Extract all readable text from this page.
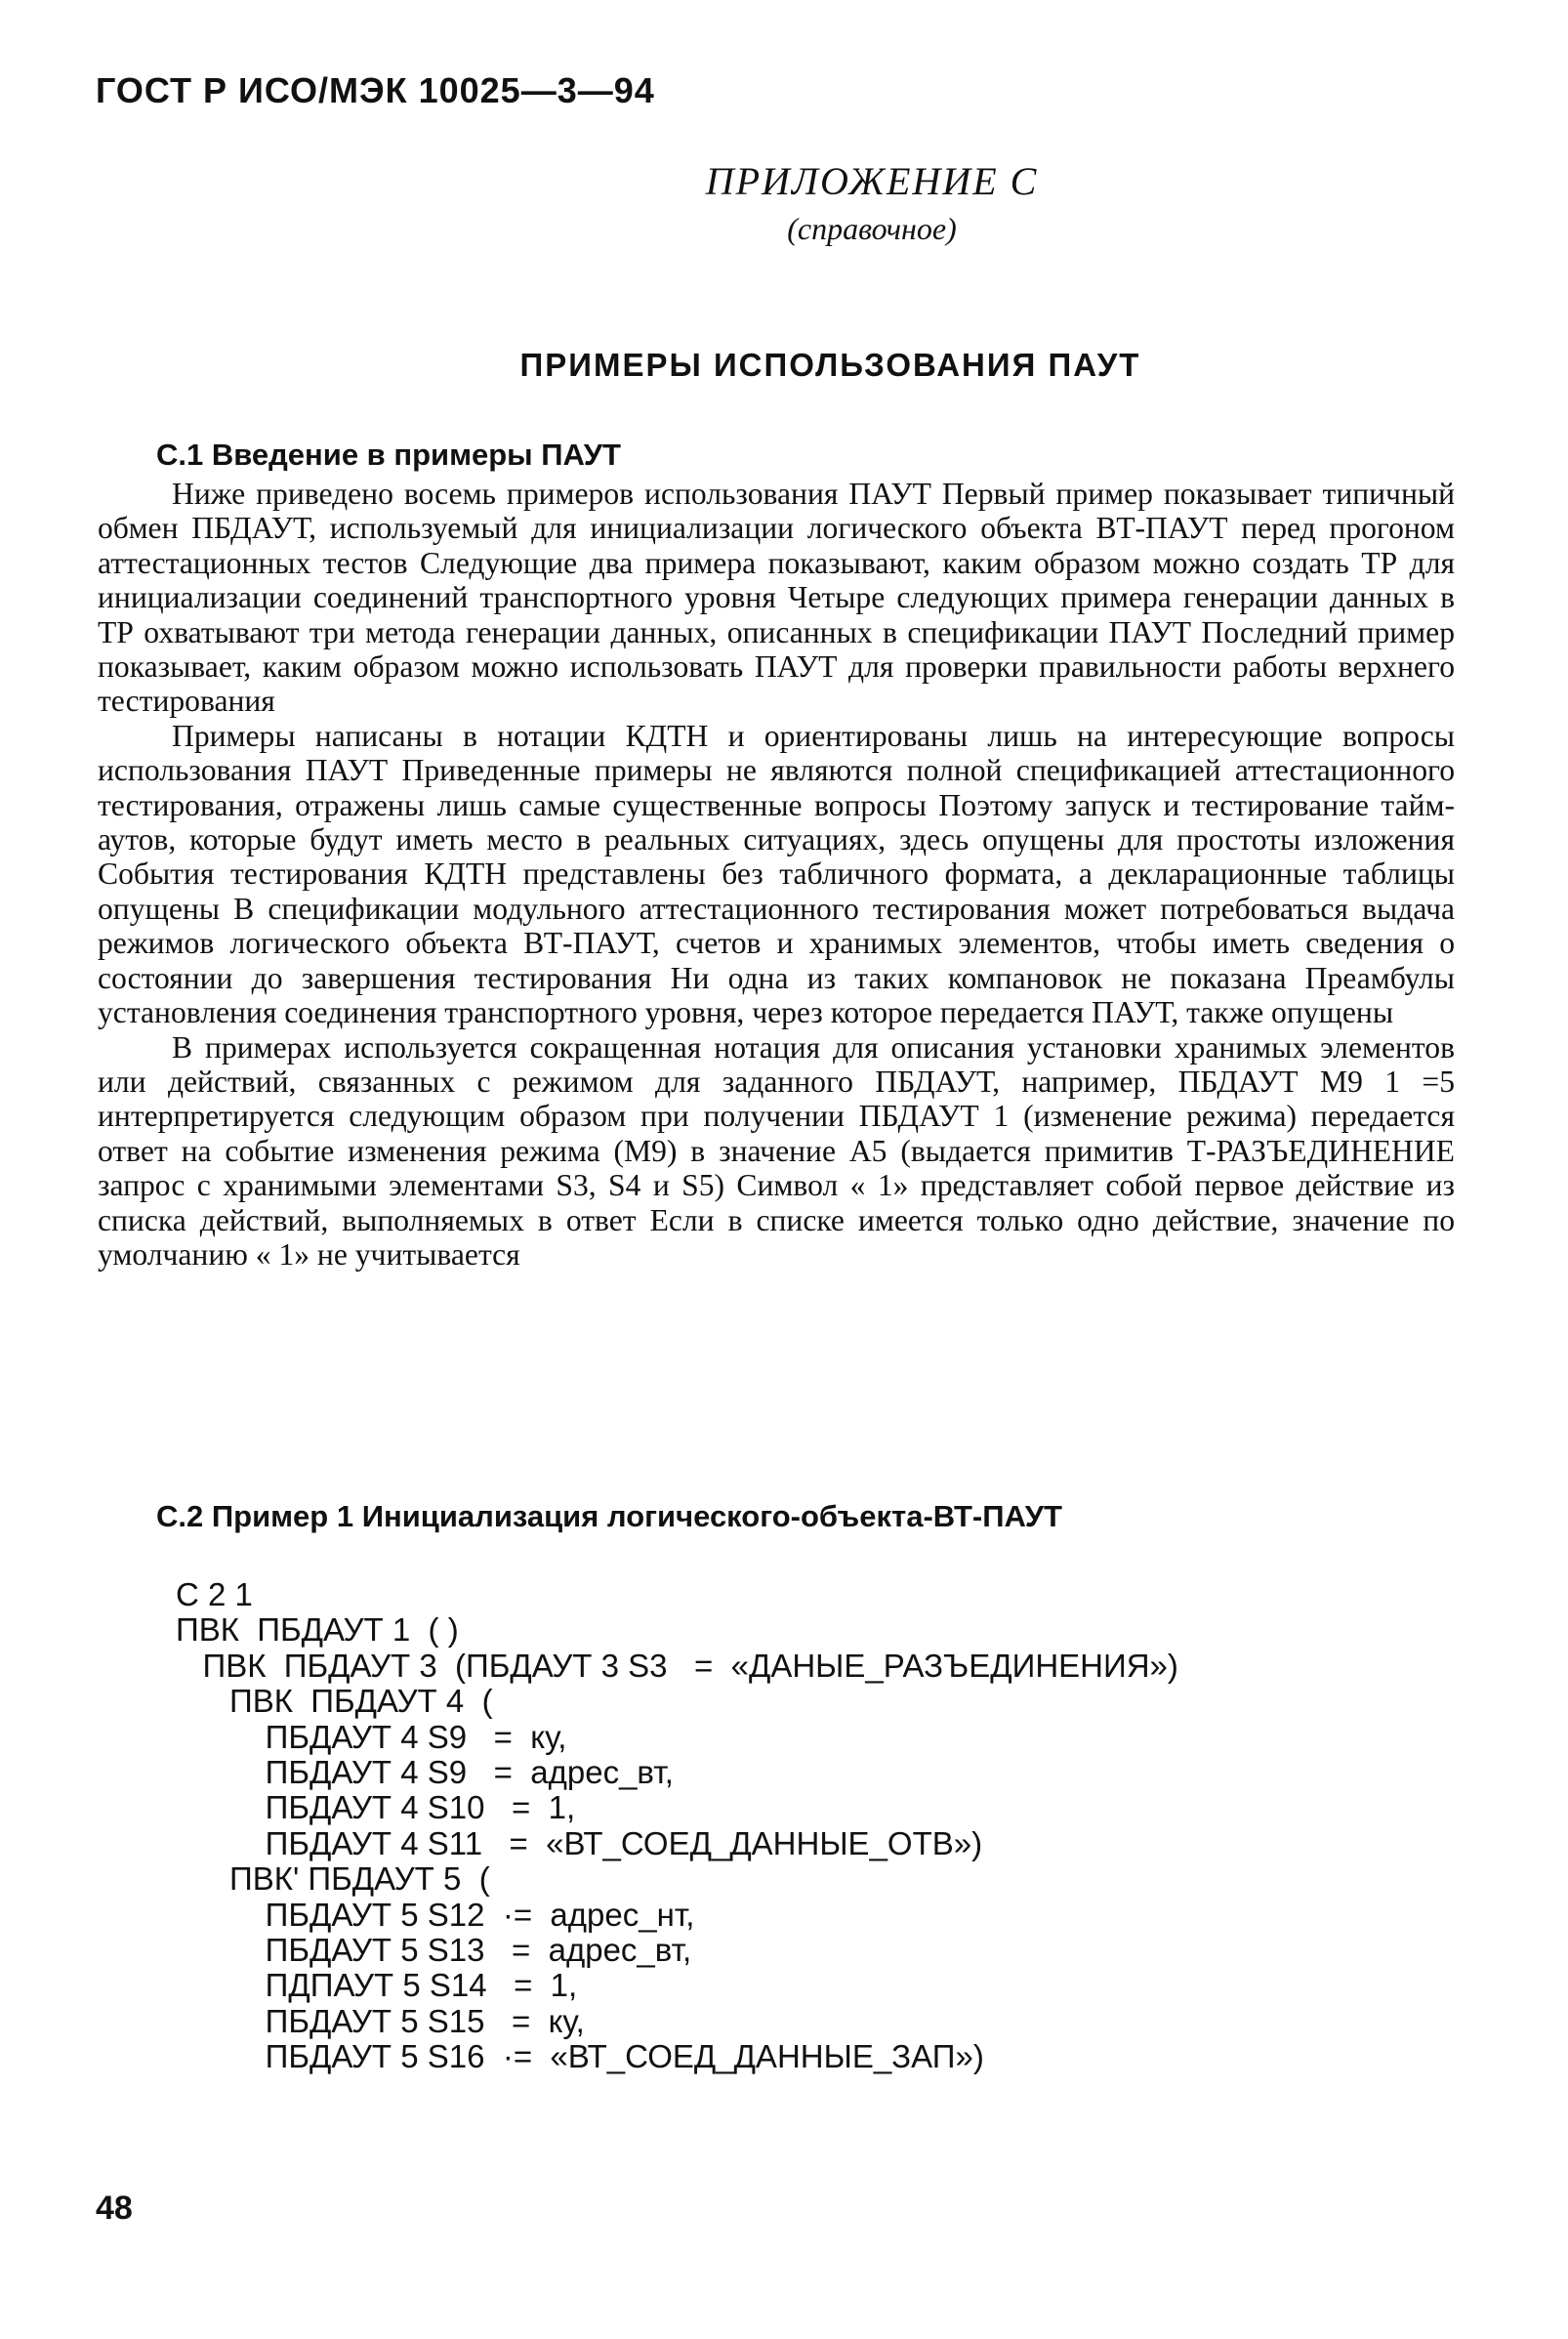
ГОСТ Р ИСО/МЭК 10025—3—94
ПРИЛОЖЕНИЕ С
(справочное)
ПРИМЕРЫ ИСПОЛЬЗОВАНИЯ ПАУТ
С.1 Введение в примеры ПАУТ

Ниже приведено восемь примеров использования ПАУТ Первый пример показывает типичный обмен ПБДАУТ, используемый для инициализации логического объекта ВТ-ПАУТ перед прогоном аттестационных тестов Следующие два примера показывают, каким образом можно создать ТР для инициализации соединений транспортного уровня Четыре следующих примера генерации данных в ТР охватывают три метода генерации данных, описанных в спецификации ПАУТ Последний пример показывает, каким образом можно использовать ПАУТ для проверки правильности работы верхнего тестирования

Примеры написаны в нотации КДТН и ориентированы лишь на интересующие вопросы использования ПАУТ Приведенные примеры не являются полной спецификацией аттестационного тестирования, отражены лишь самые существенные вопросы Поэтому запуск и тестирование тайм-аутов, которые будут иметь место в реальных ситуациях, здесь опущены для простоты изложения События тестирования КДТН представлены без табличного формата, а декларационные таблицы опущены В спецификации модульного аттестационного тестирования может потребоваться выдача режимов логического объекта ВТ-ПАУТ, счетов и хранимых элементов, чтобы иметь сведения о состоянии до завершения тестирования Ни одна из таких компановок не показана Преамбулы установления соединения транспортного уровня, через которое передается ПАУТ, также опущены

В примерах используется сокращенная нотация для описания установки хранимых элементов или действий, связанных с режимом для заданного ПБДАУТ, например, ПБДАУТ М9 1 =5 интерпретируется следующим образом при получении ПБДАУТ 1 (изменение режима) передается ответ на событие изменения режима (М9) в значение А5 (выдается примитив Т-РАЗЪЕДИНЕНИЕ запрос с хранимыми элементами S3, S4 и S5) Символ « 1» представляет собой первое действие из списка действий, выполняемых в ответ Если в списке имеется только одно действие, значение по умолчанию « 1» не учитывается

С.2 Пример 1 Инициализация логического-объекта-ВТ-ПАУТ
С 2 1
ПВК  ПБДАУТ 1  ( )
ПВК  ПБДАУТ 3  (ПБДАУТ 3 S3   =  «ДАНЫЕ_РАЗЪЕДИНЕНИЯ»)
ПВК  ПБДАУТ 4  (
ПБДАУТ 4 S9   =  ку,
ПБДАУТ 4 S9   =  адрес_вт,
ПБДАУТ 4 S10   =  1,
ПБДАУТ 4 S11   =  «ВТ_СОЕД_ДАННЫЕ_ОТВ»)
ПВК' ПБДАУТ 5  (
ПБДАУТ 5 S12  ·=  адрес_нт,
ПБДАУТ 5 S13   =  адрес_вт,
ПДПАУТ 5 S14   =  1,
ПБДАУТ 5 S15   =  ку,
ПБДАУТ 5 S16  ·=  «ВТ_СОЕД_ДАННЫЕ_ЗАП»)
48
